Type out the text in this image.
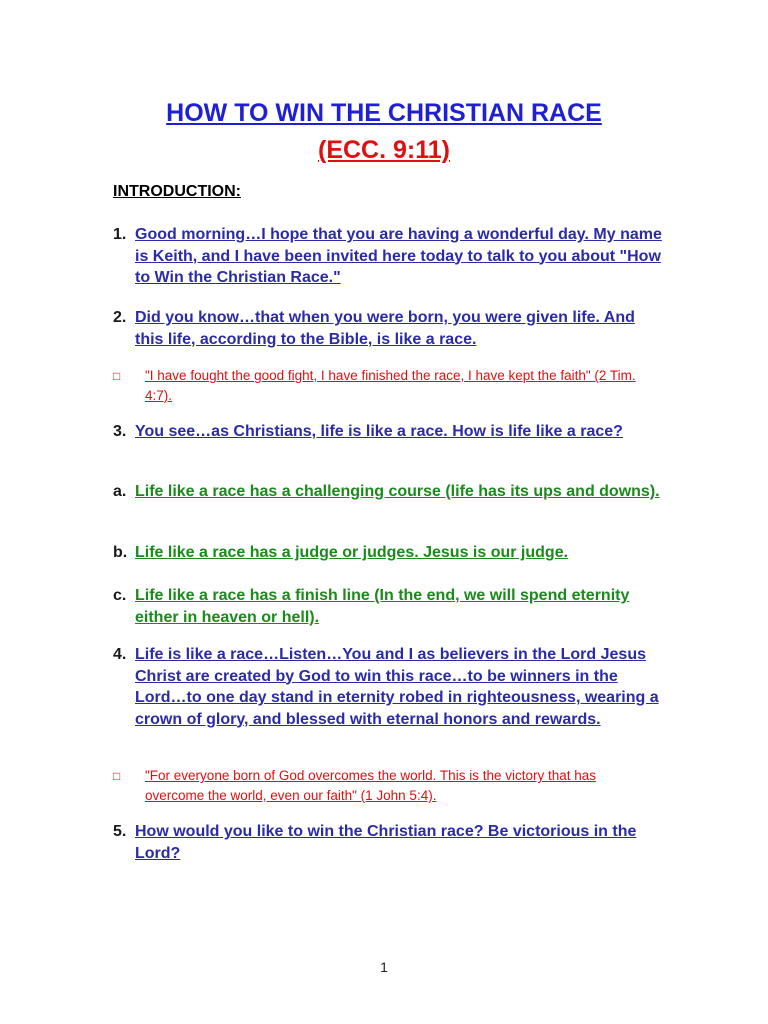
HOW TO WIN THE CHRISTIAN RACE
(ECC. 9:11)
INTRODUCTION:
1. Good morning…I hope that you are having a wonderful day. My name is Keith, and I have been invited here today to talk to you about "How to Win the Christian Race."
2. Did you know…that when you were born, you were given life. And this life, according to the Bible, is like a race.
□ "I have fought the good fight, I have finished the race, I have kept the faith" (2 Tim. 4:7).
3. You see…as Christians, life is like a race. How is life like a race?
a. Life like a race has a challenging course (life has its ups and downs).
b. Life like a race has a judge or judges. Jesus is our judge.
c. Life like a race has a finish line (In the end, we will spend eternity either in heaven or hell).
4. Life is like a race…Listen…You and I as believers in the Lord Jesus Christ are created by God to win this race…to be winners in the Lord…to one day stand in eternity robed in righteousness, wearing a crown of glory, and blessed with eternal honors and rewards.
□ "For everyone born of God overcomes the world. This is the victory that has overcome the world, even our faith" (1 John 5:4).
5. How would you like to win the Christian race? Be victorious in the Lord?
1
